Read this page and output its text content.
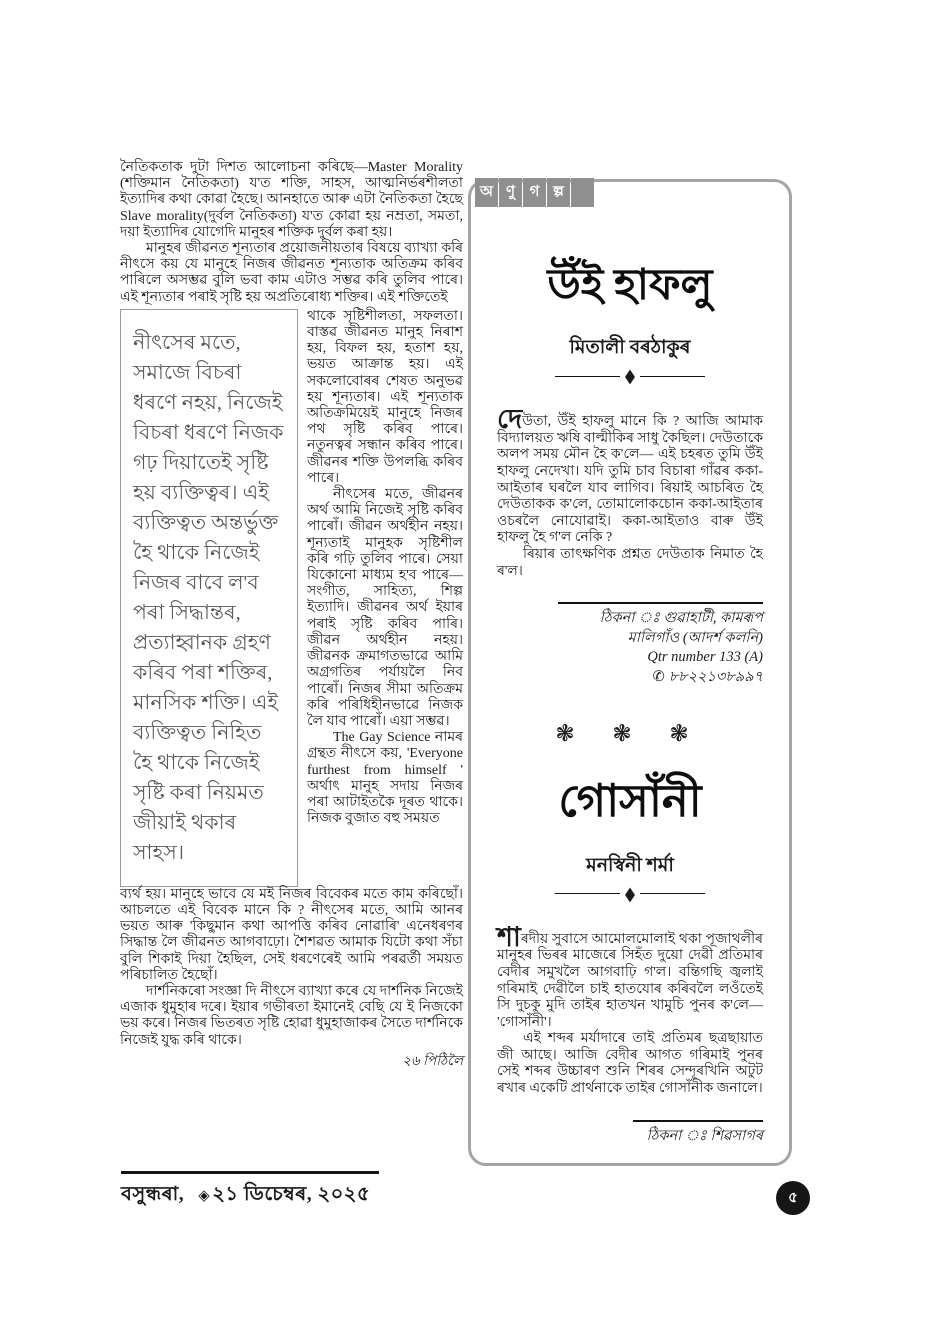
নৈতিকতাক দুটা দিশত আলোচনা কৰিছে—Master Morality (শক্তিমান নৈতিকতা) য'ত শক্তি, সাহস, আত্মনিৰ্ভৰশীলতা ইত্যাদিৰ কথা কোৱা হৈছে। আনহাতে আৰু এটা নৈতিকতা হৈছে Slave morality(দুৰ্বল নৈতিকতা) য'ত কোৱা হয় নম্ৰতা, সমতা, দয়া ইত্যাদিৰ যোগেদি মানুহৰ শক্তিক দুৰ্বল কৰা হয়।

মানুহৰ জীৱনত শূন্যতাৰ প্ৰয়োজনীয়তাৰ বিষয়ে ব্যাখ্যা কৰি নীৎসে কয় যে মানুহে নিজৰ জীৱনত শূন্যতাক অতিক্ৰম কৰিব পাৰিলে অসম্ভৱ বুলি ভবা কাম এটাও সম্ভৱ কৰি তুলিব পাৰে। এই শূন্যতাৰ পৰাই সৃষ্টি হয় অপ্ৰতিৰোধ্য শক্তিৰ। এই শক্তিতেই

নীৎসেৰ মতে, সমাজে বিচৰা ধৰণে নহয়, নিজেই বিচৰা ধৰণে নিজক গঢ় দিয়াতেই সৃষ্টি হয় ব্যক্তিত্বৰ। এই ব্যক্তিত্বত অন্তৰ্ভুক্ত হৈ থাকে নিজেই নিজৰ বাবে ল'ব পৰা সিদ্ধান্তৰ, প্ৰত্যাহ্বানক গ্ৰহণ কৰিব পৰা শক্তিৰ, মানসিক শক্তি। এই ব্যক্তিত্বত নিহিত হৈ থাকে নিজেই সৃষ্টি কৰা নিয়মত জীয়াই থকাৰ সাহস।

থাকে সৃষ্টিশীলতা, সফলতা। বাস্তৱ জীৱনত মানুহ নিৰাশ হয়, বিফল হয়, হতাশ হয়, ভয়ত আক্ৰান্ত হয়। এই সকলোবোৰৰ শেষত অনুভৱ হয় শূন্যতাৰ। এই শূন্যতাক অতিক্ৰমিয়েই মানুহে নিজৰ পথ সৃষ্টি কৰিব পাৰে। নতুনত্বৰ সন্ধান কৰিব পাৰে। জীৱনৰ শক্তি উপলব্ধি কৰিব পাৰে।

নীৎসেৰ মতে, জীৱনৰ অৰ্থ আমি নিজেই সৃষ্টি কৰিব পাৰোঁ। জীৱন অৰ্থহীন নহয়। শূন্যতাই মানুহক সৃষ্টিশীল কৰি গঢ়ি তুলিব পাৰে। সেয়া যিকোনো মাধ্যম হ'ব পাৰে— সংগীত, সাহিত্য, শিল্প ইত্যাদি। জীৱনৰ অৰ্থ ইয়াৰ পৰাই সৃষ্টি কৰিব পাৰি। জীৱন অৰ্থহীন নহয়। জীৱনক ক্ৰমাগতভাৱে আমি অগ্ৰগতিৰ পৰ্যায়লৈ নিব পাৰোঁ। নিজৰ সীমা অতিক্ৰম কৰি পৰিধিহীনভাৱে নিজক লৈ যাব পাৰোঁ। এয়া সম্ভৱ।

The Gay Science নামৰ গ্ৰন্থত নীৎসে কয়, 'Everyone furthest from himself ' অৰ্থাৎ মানুহ সদায় নিজৰ পৰা আটাইতকৈ দূৰত থাকে। নিজক বুজাত বহু সময়ত

ব্যৰ্থ হয়। মানুহে ভাবে যে মই নিজৰ বিবেকৰ মতে কাম কৰিছোঁ। আচলতে এই বিবেক মানে কি ? নীৎসেৰ মতে, আমি আনৰ ভয়ত আৰু 'কিছুমান কথা আপত্তি কৰিব নোৱাৰি' এনেধৰণৰ সিদ্ধান্ত লৈ জীৱনত আগবাঢ়ো। শৈশৱত আমাক যিটো কথা সঁচা বুলি শিকাই দিয়া হৈছিল, সেই ধৰণেৰেই আমি পৰৱৰ্তী সময়ত পৰিচালিত হৈছোঁ।

দাৰ্শনিকৰো সংজ্ঞা দি নীৎসে ব্যাখ্যা কৰে যে দাৰ্শনিক নিজেই এজাক ধুমুহাৰ দৰে। ইয়াৰ গভীৰতা ইমানেই বেছি যে ই নিজকো ভয় কৰে। নিজৰ ভিতৰত সৃষ্টি হোৱা ধুমুহাজাকৰ সৈতে দাৰ্শনিকে নিজেই যুদ্ধ কৰি থাকে।

২৬ পিঠিলৈ
বসুন্ধৰা, ◈ ২১ ডিচেম্বৰ, ২০২৫
অ ণু গ ল্প
উঁই হাফলু
মিতালী বৰঠাকুৰ
◆

দেউতা, উঁই হাফলু মানে কি ? আজি আমাক বিদ্যালয়ত ঋষি বাল্মীকিৰ সাধু কৈছিল। দেউতাকে অলপ সময় মৌন হৈ ক'লে— এই চহৰত তুমি উঁই হাফলু নেদেখা। যদি তুমি চাব বিচাৰা গাঁৱৰ ককা-আইতাৰ ঘৰলৈ যাব লাগিব। ৰিয়াই আচৰিত হৈ দেউতাকক ক'লে, তোমালোকচোন ককা-আইতাৰ ওচৰলৈ নোযোৱাই। ককা-আইতাও বাৰু উঁই হাফলু হৈ গ'ল নেকি ?

ৰিয়াৰ তাৎক্ষণিক প্ৰশ্নত দেউতাক নিমাত হৈ ৰ'ল।

ঠিকনা ঃ গুৱাহাটী, কামৰূপ
মালিগাঁও (আদৰ্শ কলনি)
Qtr number 133 (A)
✆ ৮৮২২১৩৮৯৯৭
❃ ❃ ❃
গোসাঁনী
মনস্বিনী শৰ্মা
◆

শাৰদীয় সুবাসে আমোলমোলাই থকা পূজাথলীৰ মানুহৰ ভিৰৰ মাজেৰে সিহঁত দুয়ো দেৱী প্ৰতিমাৰ বেদীৰ সমুখলৈ আগবাঢ়ি গ'ল। বন্তিগছি জ্বলাই গৰিমাই দেৱীলৈ চাই হাতযোৰ কৰিবলৈ লওঁতেই সি দুচকু মুদি তাইৰ হাতখন খামুচি পুনৰ ক'লে— 'গোসাঁনী'।

এই শব্দৰ মৰ্যাদাৰে তাই প্ৰতিমৰ ছত্ৰছায়াত জী আছে। আজি বেদীৰ আগত গৰিমাই পুনৰ সেই শব্দৰ উচ্চাৰণ শুনি শিৰৰ সেন্দূৰখিনি অটুট ৰখাৰ একেটি প্ৰাৰ্থনাকে তাইৰ গোসাঁনীক জনালে।

ঠিকনা ঃ শিৱসাগৰ
৫
